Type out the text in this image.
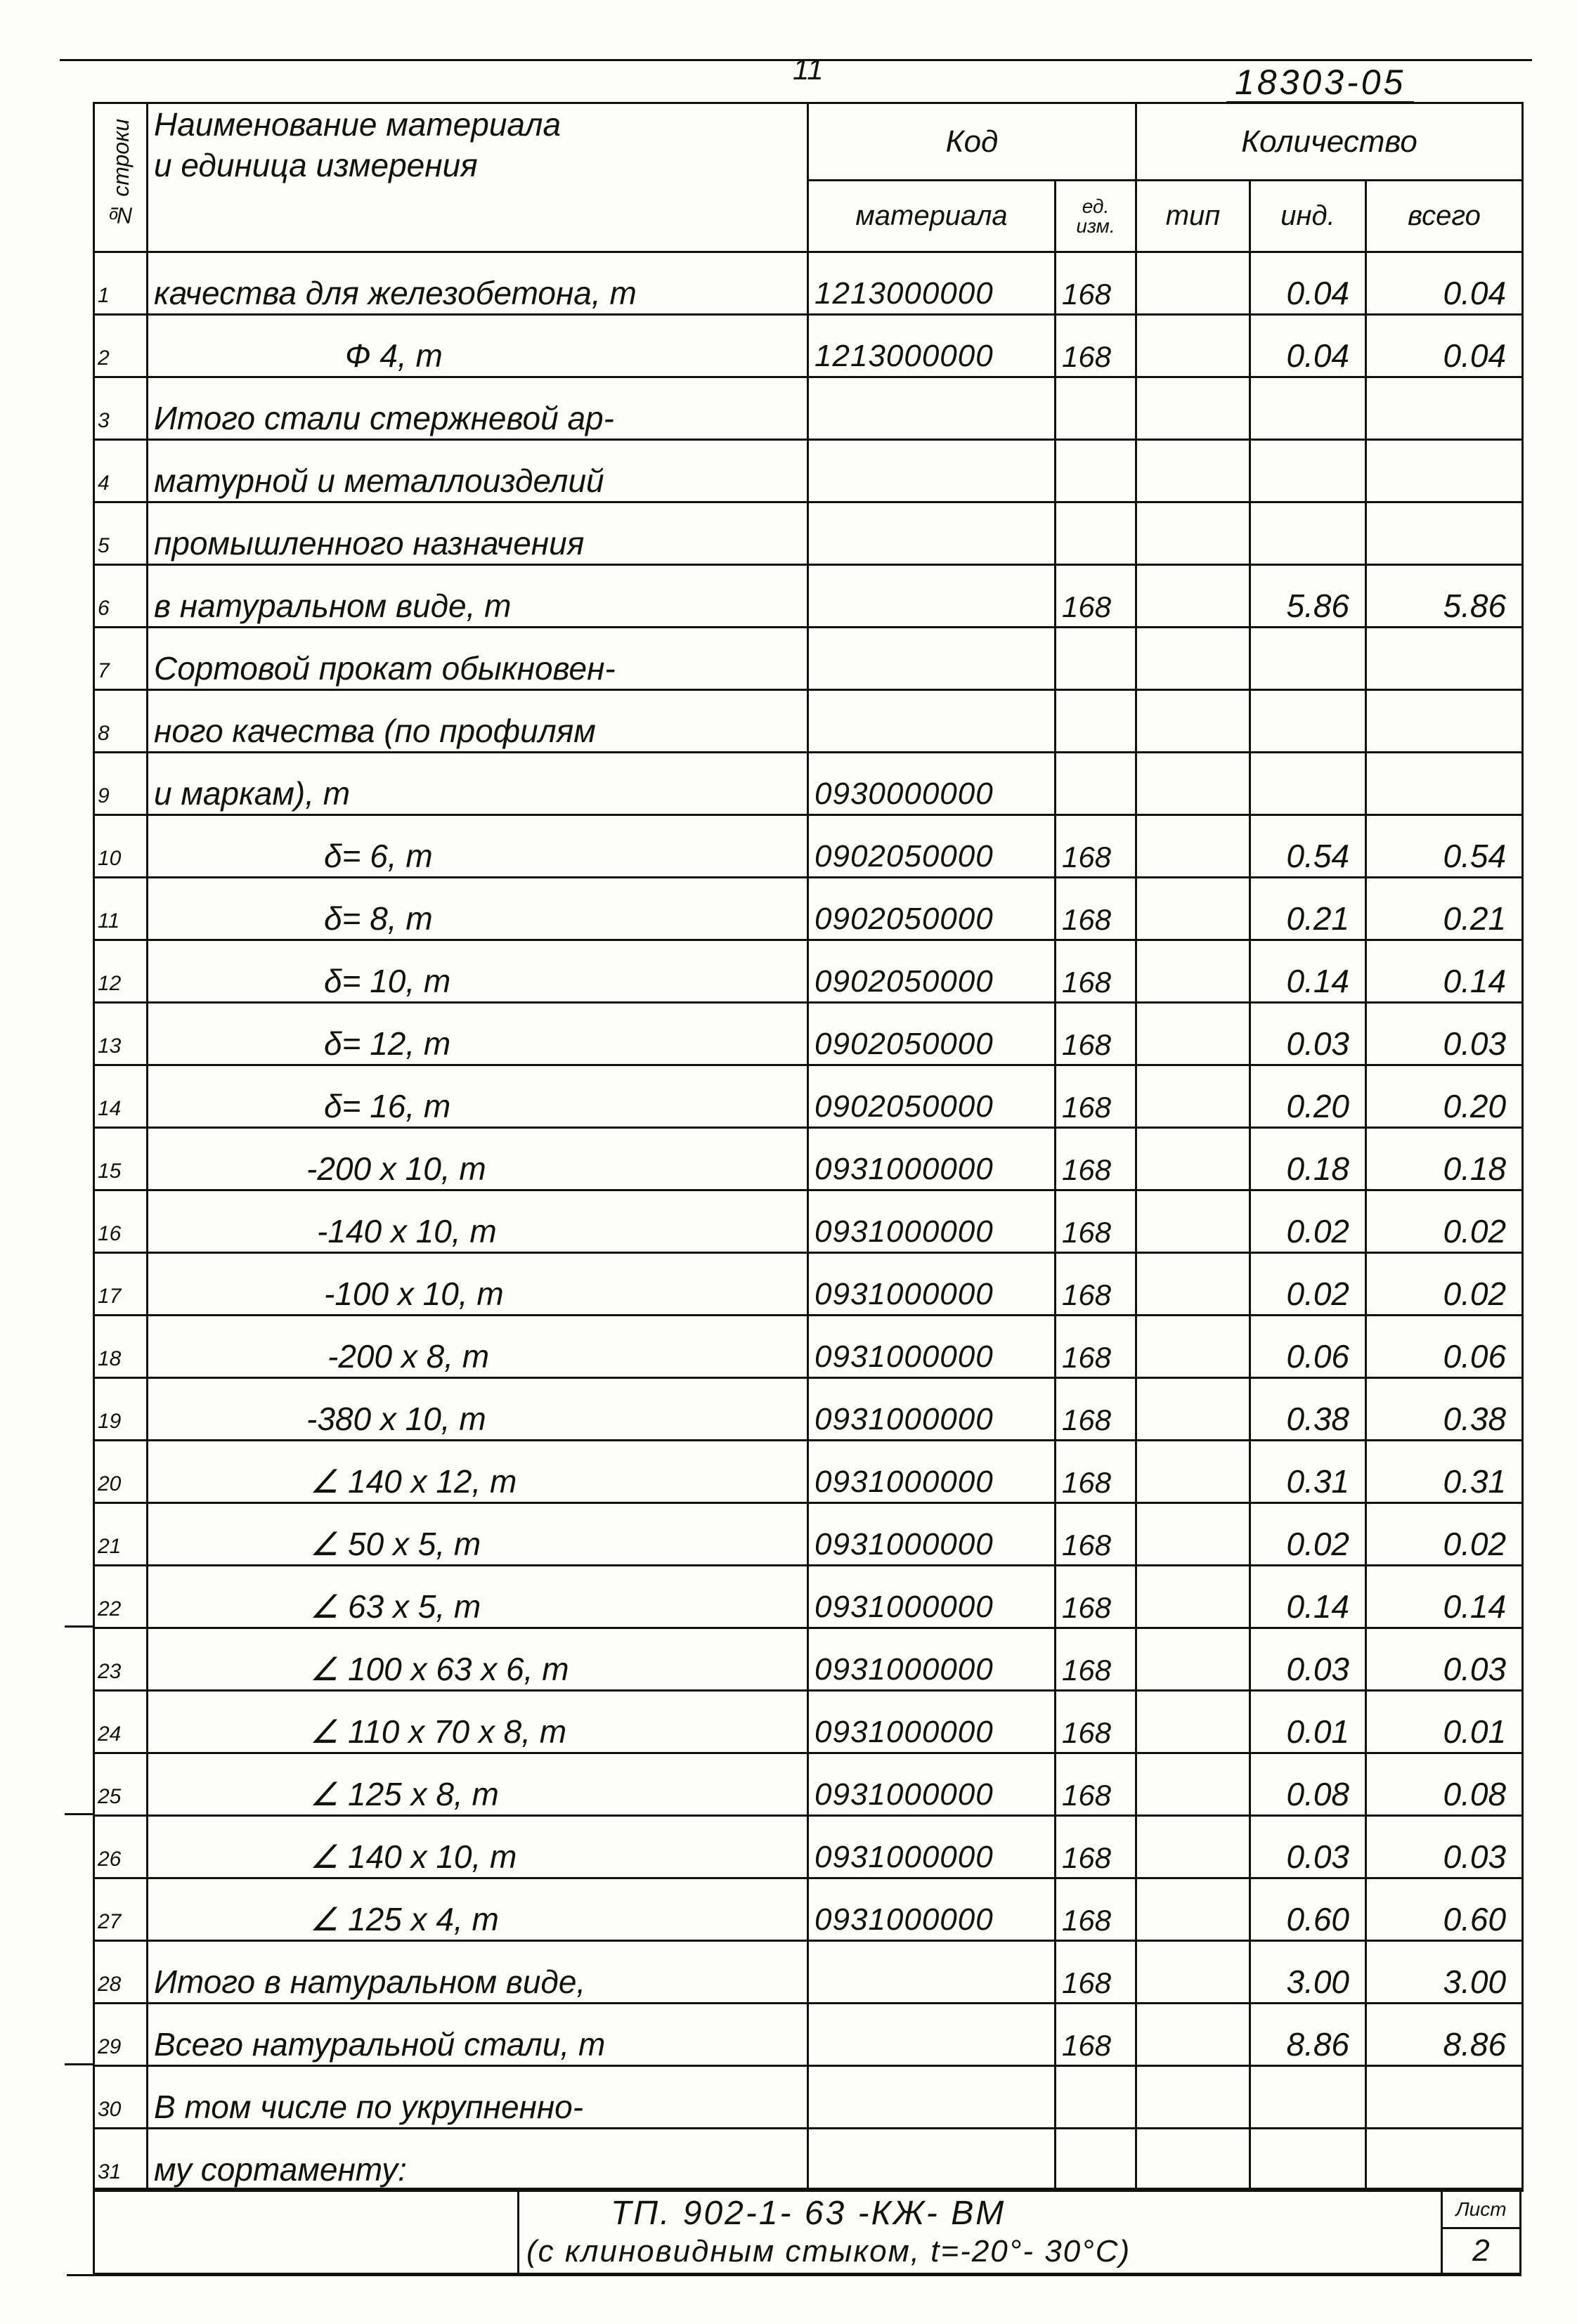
11	18303-05
№ строки	Наименование материала
и единица измерения	Код		Количество		
		материала	ед. изм.	тип	инд.	всего
1	качества для железобетона, т	1213000000	168		0.04	0.04
2	Ф 4, т	1213000000	168		0.04	0.04
3	Итого стали стержневой ар-					
4	матурной и металлоизделий					
5	промышленного назначения					
6	в натуральном виде, т		168		5.86	5.86
7	Сортовой прокат обыкновен-					
8	ного качества (по профилям					
9	и маркам), т	0930000000				
10	δ= 6, т	0902050000	168		0.54	0.54
11	δ= 8, т	0902050000	168		0.21	0.21
12	δ= 10, т	0902050000	168		0.14	0.14
13	δ= 12, т	0902050000	168		0.03	0.03
14	δ= 16, т	0902050000	168		0.20	0.20
15	-200 х 10, т	0931000000	168		0.18	0.18
16	-140 х 10, т	0931000000	168		0.02	0.02
17	-100 х 10, т	0931000000	168		0.02	0.02
18	-200 х 8, т	0931000000	168		0.06	0.06
19	-380 х 10, т	0931000000	168		0.38	0.38
20	∠ 140 х 12, т	0931000000	168		0.31	0.31
21	∠ 50 х 5, т	0931000000	168		0.02	0.02
22	∠ 63 х 5, т	0931000000	168		0.14	0.14
23	∠ 100 х 63 х 6, т	0931000000	168		0.03	0.03
24	∠ 110 х 70 х 8, т	0931000000	168		0.01	0.01
25	∠ 125 х 8, т	0931000000	168		0.08	0.08
26	∠ 140 х 10, т	0931000000	168		0.03	0.03
27	∠ 125 х 4, т	0931000000	168		0.60	0.60
28	Итого в натуральном виде,		168		3.00	3.00
29	Всего натуральной стали, т		168		8.86	8.86
30	В том числе по укрупненно-					
31	му сортаменту:					
ТП. 902-1- 63 -КЖ- ВМ
(с клиновидным стыком, t=-20°- 30°С)
Лист
2
